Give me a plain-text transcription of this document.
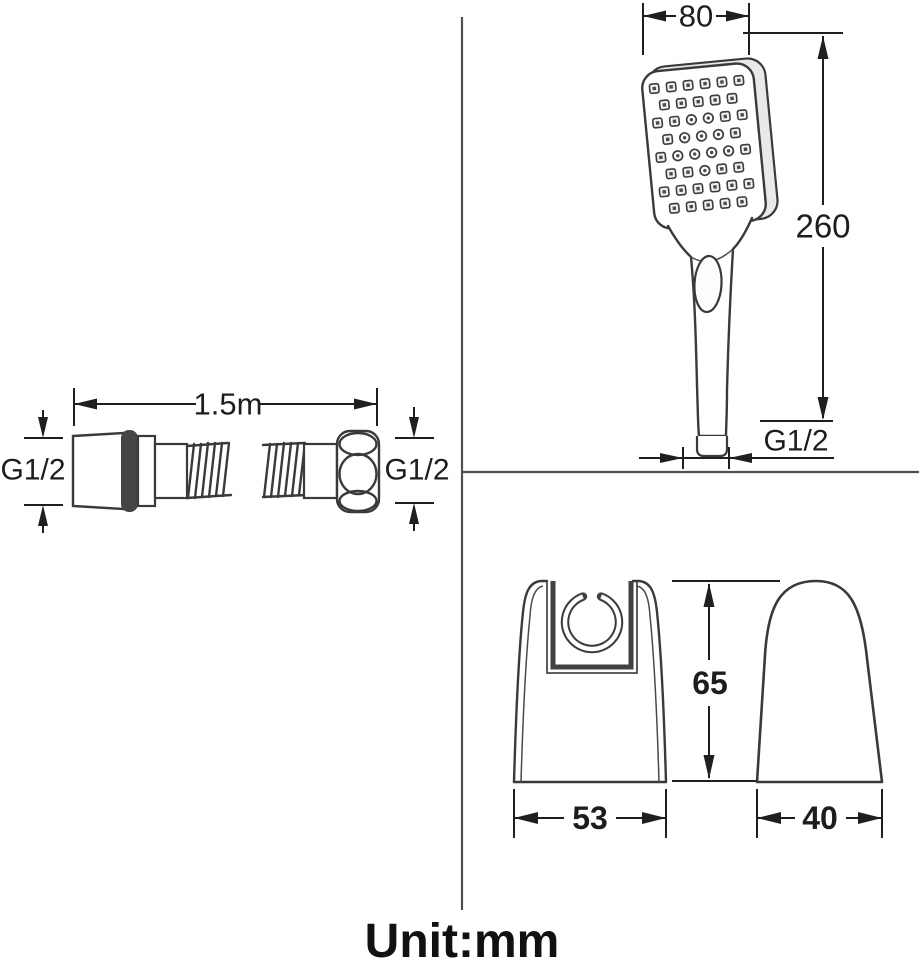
80
260
G1/2
1.5m
G1/2	G1/2
53
65
40
Unit:mm
